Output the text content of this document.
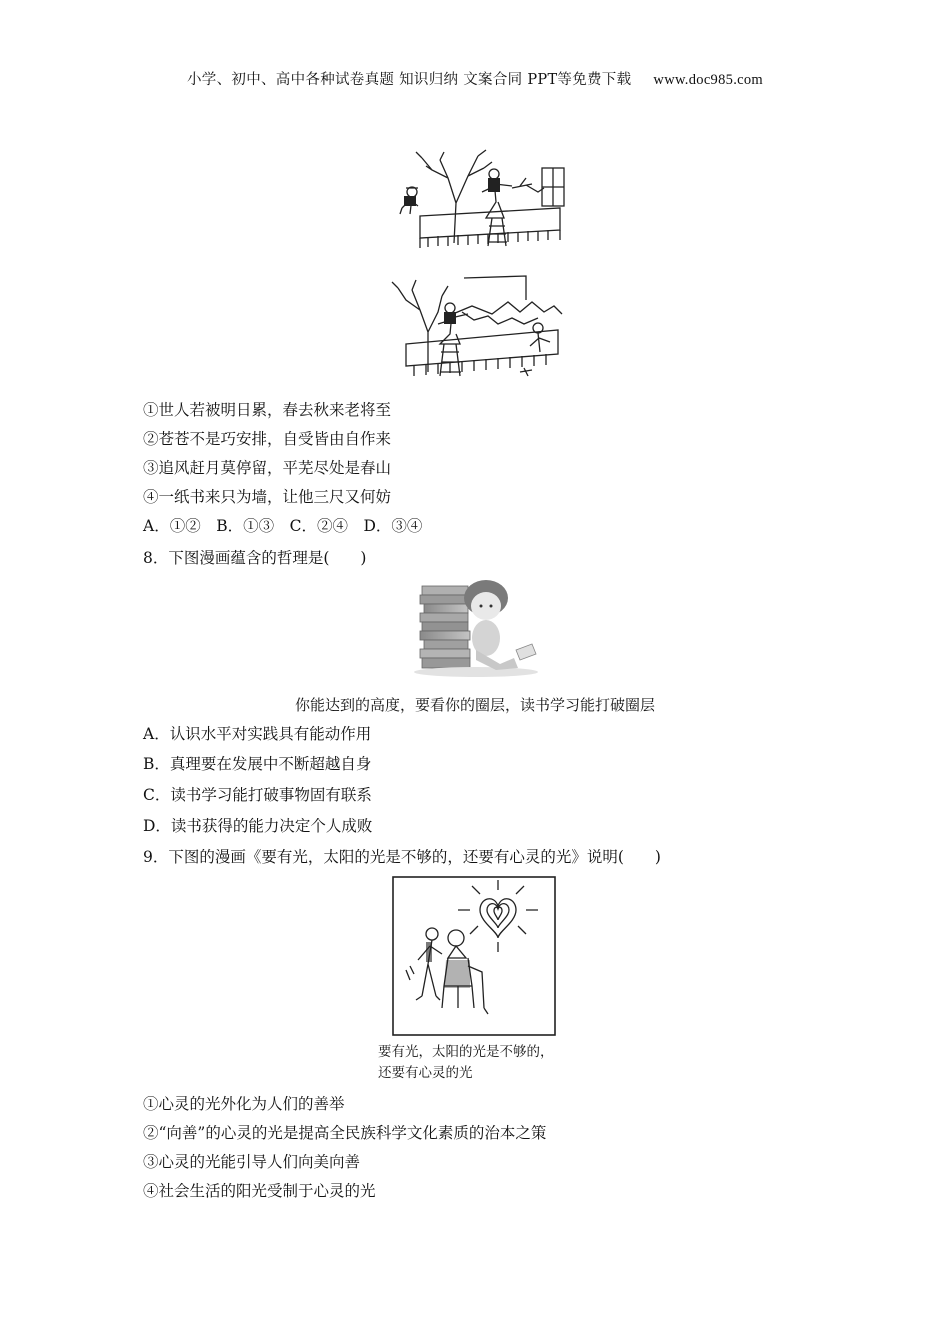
小学、初中、高中各种试卷真题 知识归纳 文案合同 PPT等免费下载 www.doc985.com
①世人若被明日累，春去秋来老将至
②苍苍不是巧安排，自受皆由自作来
③追风赶月莫停留，平芜尽处是春山
④一纸书来只为墙，让他三尺又何妨
A．①②　B．①③　C．②④　D．③④
8．下图漫画蕴含的哲理是(　　)
你能达到的高度，要看你的圈层，读书学习能打破圈层
A．认识水平对实践具有能动作用
B．真理要在发展中不断超越自身
C．读书学习能打破事物固有联系
D．读书获得的能力决定个人成败
9．下图的漫画《要有光，太阳的光是不够的，还要有心灵的光》说明(　　)
要有光，太阳的光是不够的，
还要有心灵的光
①心灵的光外化为人们的善举
②“向善”的心灵的光是提高全民族科学文化素质的治本之策
③心灵的光能引导人们向美向善
④社会生活的阳光受制于心灵的光
